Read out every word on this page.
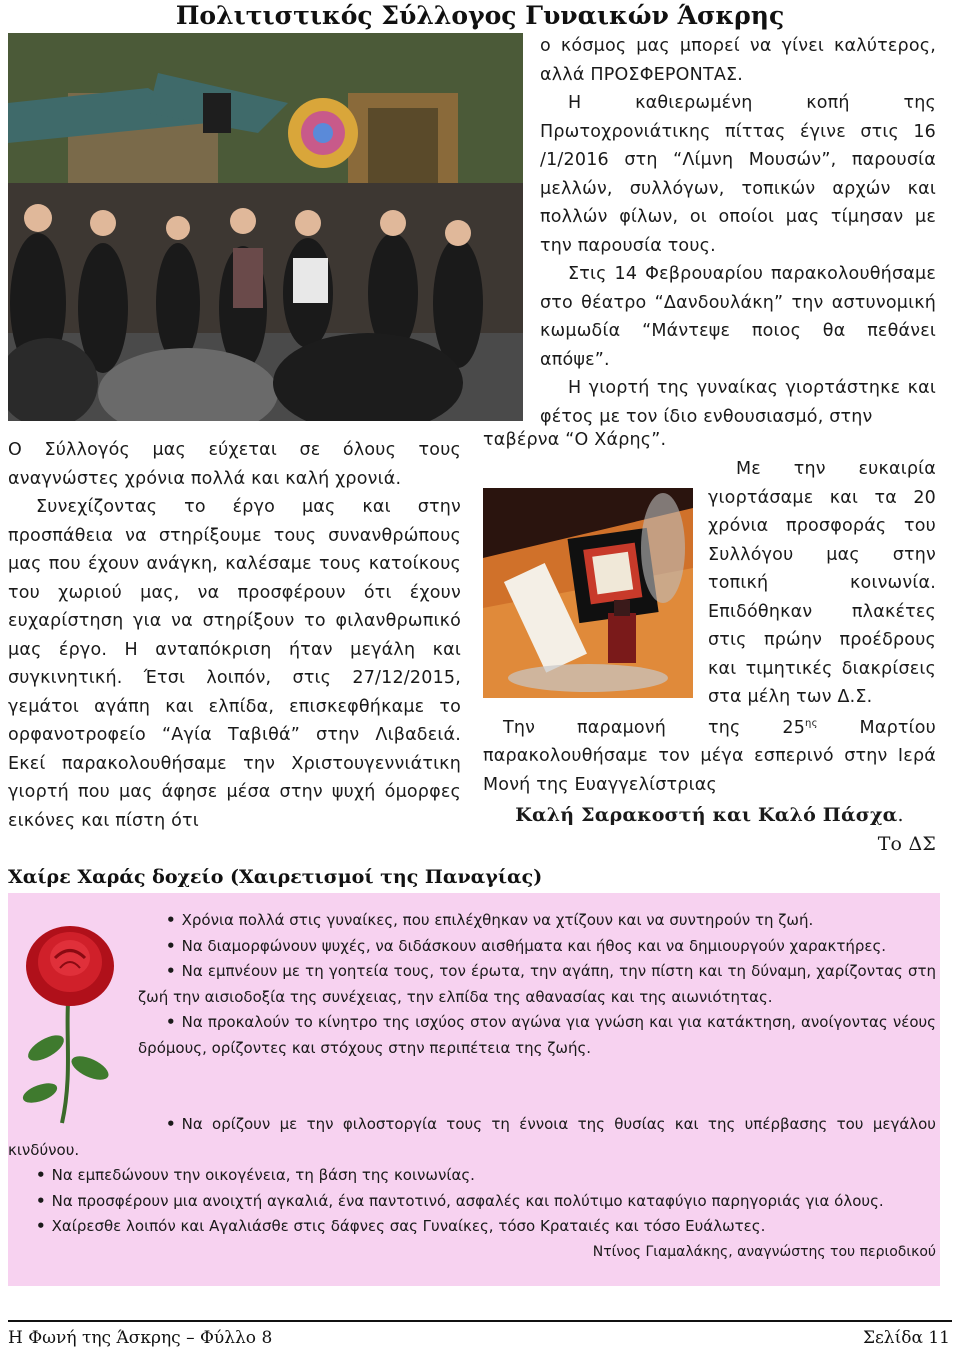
Πολιτιστικός Σύλλογος Γυναικών Άσκρης

ο κόσμος μας μπορεί να γίνει καλύτερος, αλλά ΠΡΟΣΦΕΡΟΝΤΑΣ.

Η καθιερωμένη κοπή της Πρωτοχρονιάτικης πίττας έγινε στις 16 /1/2016 στη “Λίμνη Μουσών”, παρουσία μελλών, συλλόγων, τοπικών αρχών και πολλών φίλων, οι οποίοι μας τίμησαν με την παρουσία τους.

Στις 14 Φεβρουαρίου παρακολουθήσαμε στο θέατρο “Δανδουλάκη” την αστυνομική κωμωδία “Μάντεψε ποιος θα πεθάνει απόψε”.

Η γιορτή της γυναίκας γιορτάστηκε και φέτος με τον ίδιο ενθουσιασμό, στην

ταβέρνα “Ο Χάρης”.

Με την ευκαιρία γιορτάσαμε και τα 20 χρόνια προσφοράς του Συλλόγου μας στην τοπική κοινωνία. Επιδόθηκαν πλακέτες στις πρώην προέδρους και τιμητικές διακρίσεις στα μέλη των Δ.Σ.

Ο Σύλλογός μας εύχεται σε όλους τους αναγνώστες χρόνια πολλά και καλή χρονιά.

Συνεχίζοντας το έργο μας και στην προσπάθεια να στηρίξουμε τους συνανθρώπους μας που έχουν ανάγκη, καλέσαμε τους κατοίκους του χωριού μας, να προσφέρουν ότι έχουν ευχαρίστηση για να στηρίξουν το φιλανθρωπικό μας έργο. Η ανταπόκριση ήταν μεγάλη και συγκινητική. Έτσι λοιπόν, στις 27/12/2015, γεμάτοι αγάπη και ελπίδα, επισκεφθήκαμε το ορφανοτροφείο “Αγία Ταβιθά” στην Λιβαδειά. Εκεί παρακολουθήσαμε την Χριστουγεννιάτικη γιορτή που μας άφησε μέσα στην ψυχή όμορφες εικόνες και πίστη ότι

Την παραμονή της $25^{\eta\varsigma}$ Μαρτίου παρακολουθήσαμε τον μέγα εσπερινό στην Ιερά Μονή της Ευαγγελίστριας

Καλή Σαρακοστή και Καλό Πάσχα.
Το ΔΣ
Χαίρε Χαράς δοχείο (Χαιρετισμοί της Παναγίας)

• Χρόνια πολλά στις γυναίκες, που επιλέχθηκαν να χτίζουν και να συντηρούν τη ζωή.

• Να διαμορφώνουν ψυχές, να διδάσκουν αισθήματα και ήθος και να δημιουργούν χαρακτήρες.

• Να εμπνέουν με τη γοητεία τους, τον έρωτα, την αγάπη, την πίστη και τη δύναμη, χαρίζοντας στη ζωή την αισιοδοξία της συνέχειας, την ελπίδα της αθανασίας και της αιωνιότητας.

• Να προκαλούν το κίνητρο της ισχύος στον αγώνα για γνώση και για κατάκτηση, ανοίγοντας νέους δρόμους, ορίζοντες και στόχους στην περιπέτεια της ζωής.

• Να ορίζουν με την φιλοστοργία τους τη έννοια της θυσίας και της υπέρβασης του μεγάλου κινδύνου.

• Να εμπεδώνουν την οικογένεια, τη βάση της κοινωνίας.

• Να προσφέρουν μια ανοιχτή αγκαλιά, ένα παντοτινό, ασφαλές και πολύτιμο καταφύγιο παρηγοριάς για όλους.

• Χαίρεσθε λοιπόν και Αγαλιάσθε στις δάφνες σας Γυναίκες, τόσο Κραταιές και τόσο Ευάλωτες.

Ντίνος Γιαμαλάκης, αναγνώστης του περιοδικού

Η Φωνή της Άσκρης – Φύλλο 8	Σελίδα 11
